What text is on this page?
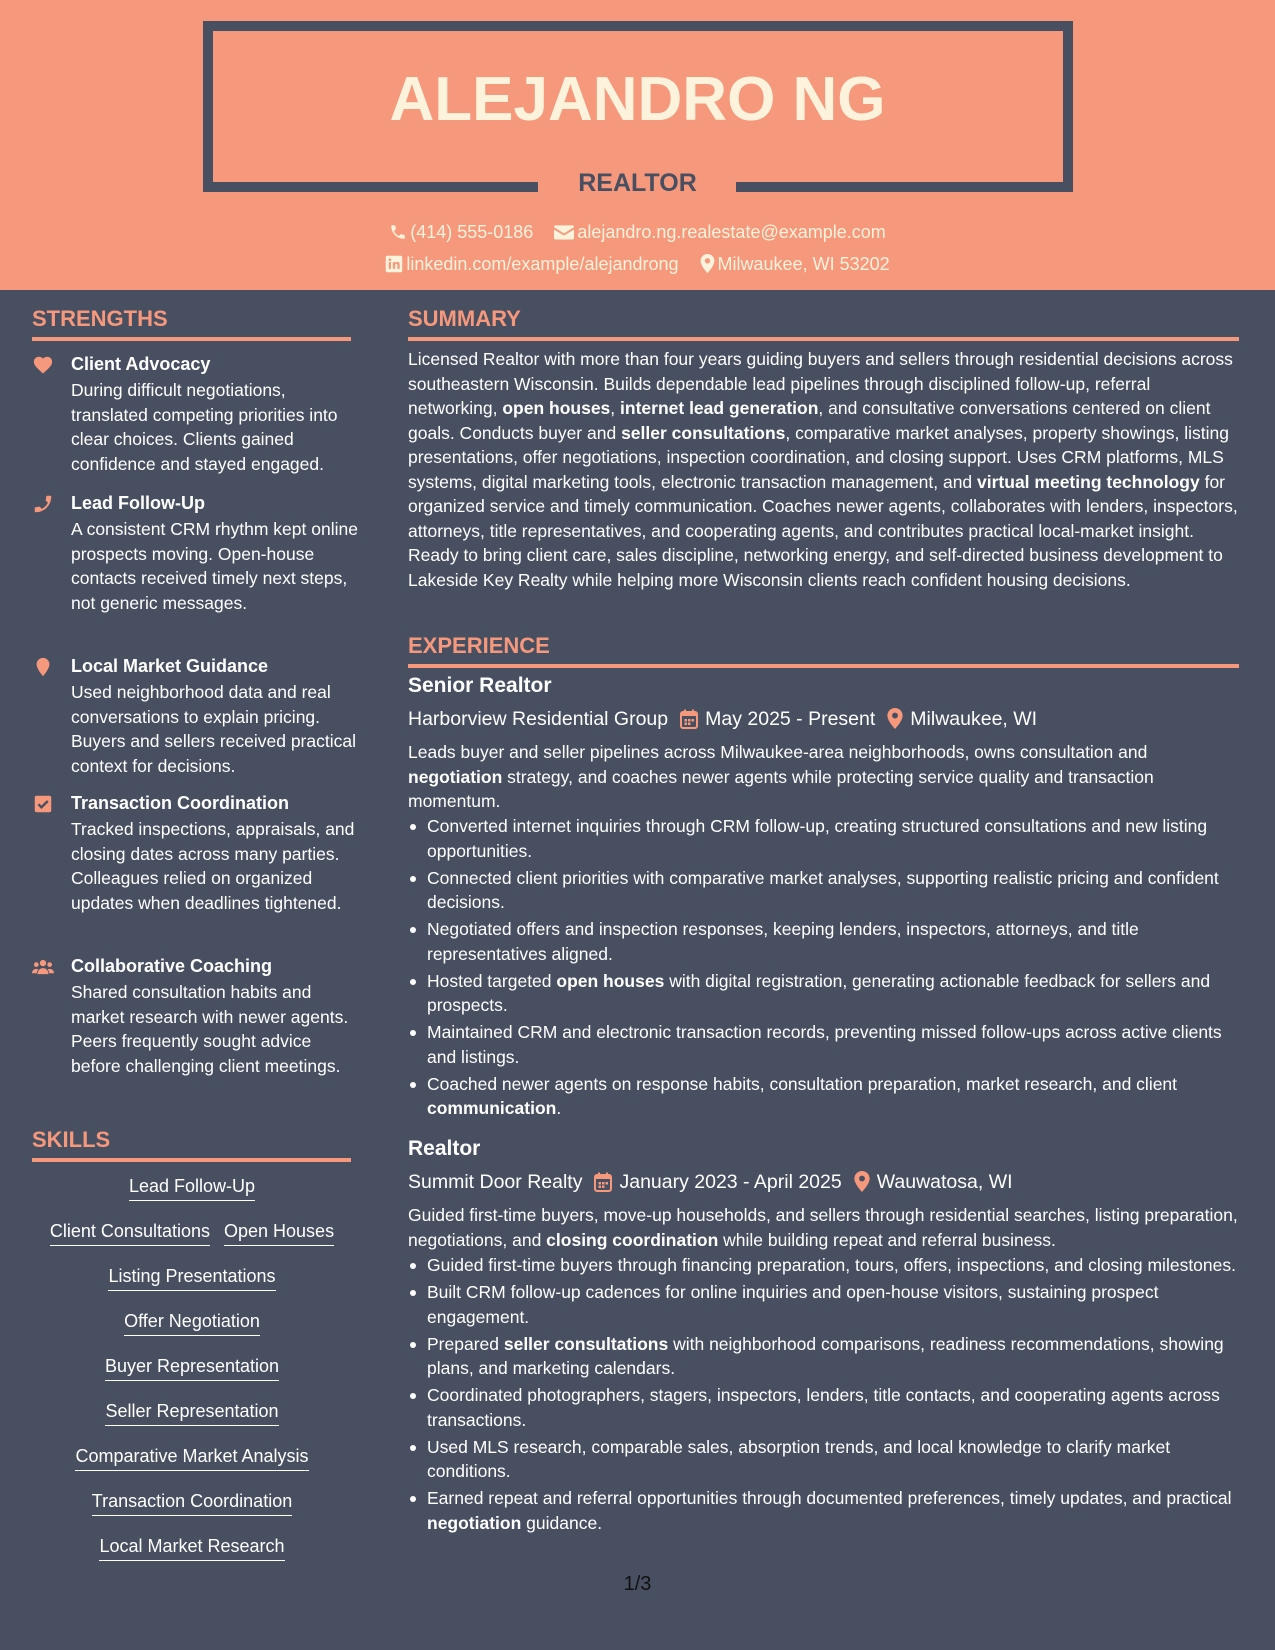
ALEJANDRO NG
REALTOR
(414) 555-0186 alejandro.ng.realestate@example.com
linkedin.com/example/alejandrong Milwaukee, WI 53202
STRENGTHS
Client Advocacy
During difficult negotiations, translated competing priorities into clear choices. Clients gained confidence and stayed engaged.
Lead Follow-Up
A consistent CRM rhythm kept online prospects moving. Open-house contacts received timely next steps, not generic messages.
Local Market Guidance
Used neighborhood data and real conversations to explain pricing. Buyers and sellers received practical context for decisions.
Transaction Coordination
Tracked inspections, appraisals, and closing dates across many parties. Colleagues relied on organized updates when deadlines tightened.
Collaborative Coaching
Shared consultation habits and market research with newer agents. Peers frequently sought advice before challenging client meetings.
SKILLS
Lead Follow-Up
Client Consultations Open Houses
Listing Presentations
Offer Negotiation
Buyer Representation
Seller Representation
Comparative Market Analysis
Transaction Coordination
Local Market Research
SUMMARY

Licensed Realtor with more than four years guiding buyers and sellers through residential decisions across southeastern Wisconsin. Builds dependable lead pipelines through disciplined follow-up, referral networking, open houses, internet lead generation, and consultative conversations centered on client goals. Conducts buyer and seller consultations, comparative market analyses, property showings, listing presentations, offer negotiations, inspection coordination, and closing support. Uses CRM platforms, MLS systems, digital marketing tools, electronic transaction management, and virtual meeting technology for organized service and timely communication. Coaches newer agents, collaborates with lenders, inspectors, attorneys, title representatives, and cooperating agents, and contributes practical local-market insight. Ready to bring client care, sales discipline, networking energy, and self-directed business development to Lakeside Key Realty while helping more Wisconsin clients reach confident housing decisions.

EXPERIENCE
Senior Realtor
Harborview Residential Group May 2025 - Present Milwaukee, WI

Leads buyer and seller pipelines across Milwaukee-area neighborhoods, owns consultation and negotiation strategy, and coaches newer agents while protecting service quality and transaction momentum.

Converted internet inquiries through CRM follow-up, creating structured consultations and new listing opportunities.
Connected client priorities with comparative market analyses, supporting realistic pricing and confident decisions.
Negotiated offers and inspection responses, keeping lenders, inspectors, attorneys, and title representatives aligned.
Hosted targeted open houses with digital registration, generating actionable feedback for sellers and prospects.
Maintained CRM and electronic transaction records, preventing missed follow-ups across active clients and listings.
Coached newer agents on response habits, consultation preparation, market research, and client communication.
Realtor
Summit Door Realty January 2023 - April 2025 Wauwatosa, WI

Guided first-time buyers, move-up households, and sellers through residential searches, listing preparation, negotiations, and closing coordination while building repeat and referral business.

Guided first-time buyers through financing preparation, tours, offers, inspections, and closing milestones.
Built CRM follow-up cadences for online inquiries and open-house visitors, sustaining prospect engagement.
Prepared seller consultations with neighborhood comparisons, readiness recommendations, showing plans, and marketing calendars.
Coordinated photographers, stagers, inspectors, lenders, title contacts, and cooperating agents across transactions.
Used MLS research, comparable sales, absorption trends, and local knowledge to clarify market conditions.
Earned repeat and referral opportunities through documented preferences, timely updates, and practical negotiation guidance.
1/3
